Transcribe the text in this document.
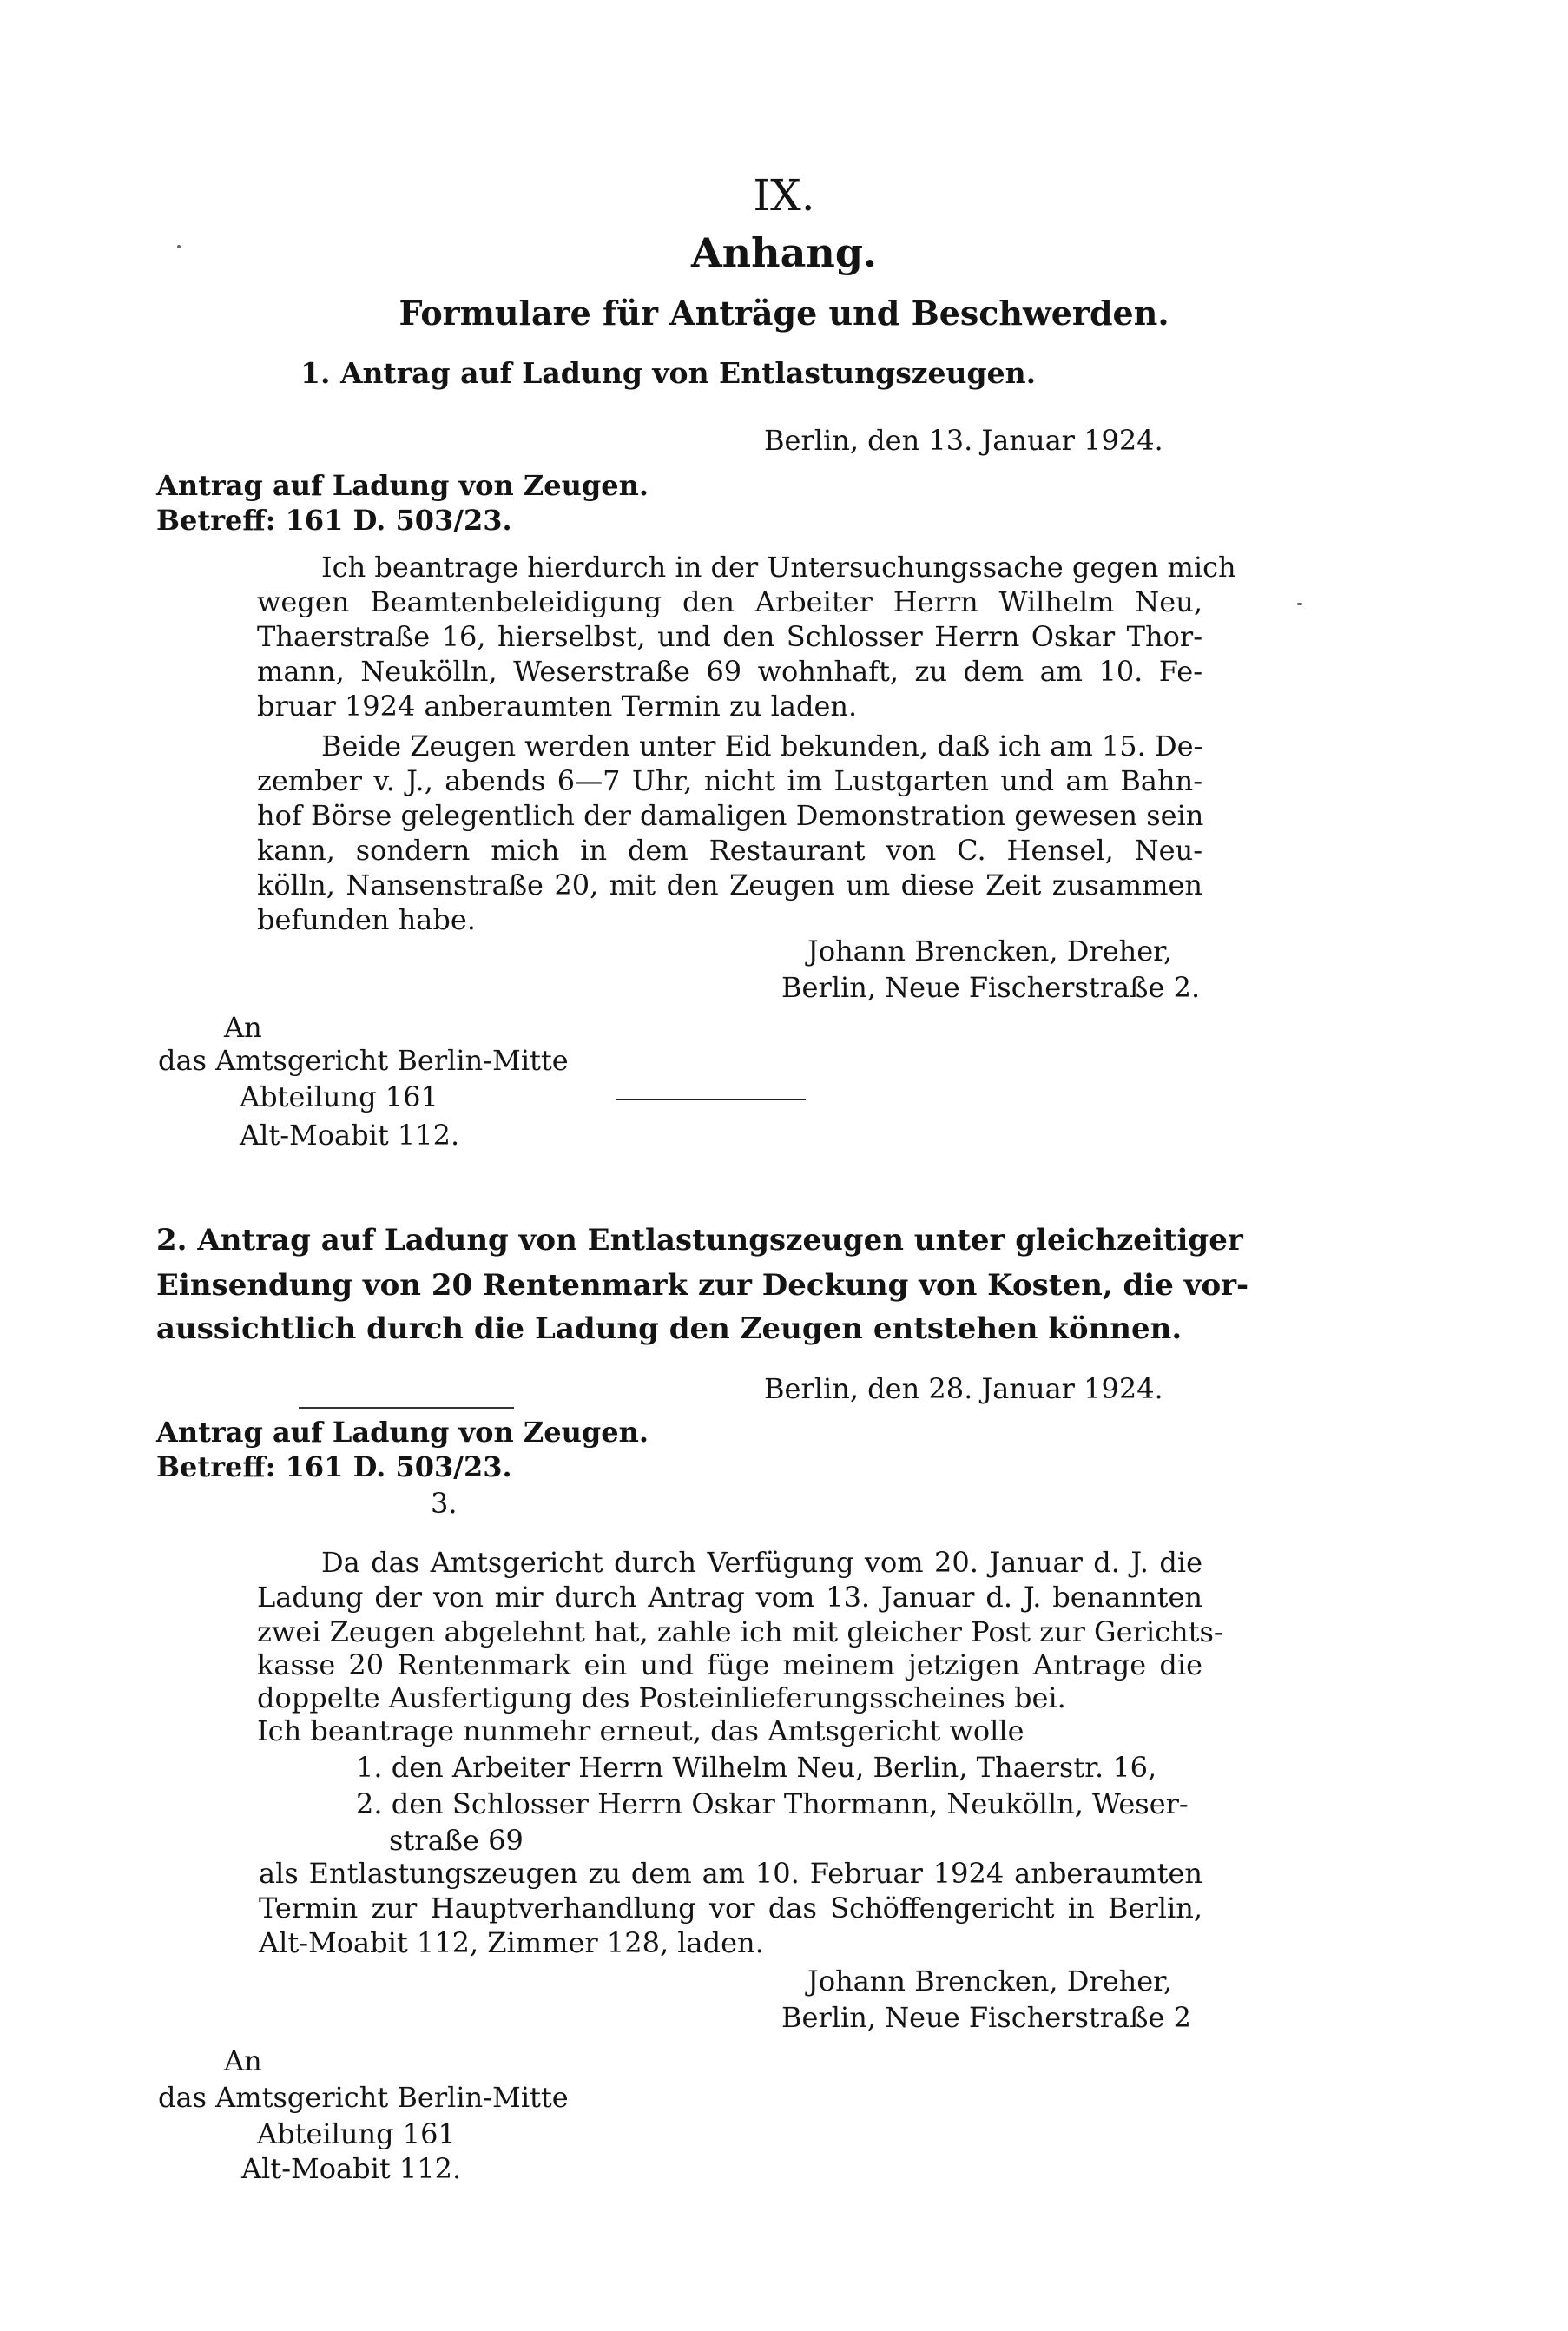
IX.
Anhang.
Formulare für Anträge und Beschwerden.
1. Antrag auf Ladung von Entlastungszeugen.
Berlin, den 13. Januar 1924.
Antrag auf Ladung von Zeugen.
Betreff: 161 D. 503/23.
Ich beantrage hierdurch in der Untersuchungssache gegen mich
wegen Beamtenbeleidigung den Arbeiter Herrn Wilhelm Neu,
Thaerstraße 16, hierselbst, und den Schlosser Herrn Oskar Thor-
mann, Neukölln, Weserstraße 69 wohnhaft, zu dem am 10. Fe-
bruar 1924 anberaumten Termin zu laden.
Beide Zeugen werden unter Eid bekunden, daß ich am 15. De-
zember v. J., abends 6—7 Uhr, nicht im Lustgarten und am Bahn-
hof Börse gelegentlich der damaligen Demonstration gewesen sein
kann, sondern mich in dem Restaurant von C. Hensel, Neu-
kölln, Nansenstraße 20, mit den Zeugen um diese Zeit zusammen
befunden habe.
Johann Brencken, Dreher,
Berlin, Neue Fischerstraße 2.
An
das Amtsgericht Berlin-Mitte
Abteilung 161
Alt-Moabit 112.
2. Antrag auf Ladung von Entlastungszeugen unter gleichzeitiger
Einsendung von 20 Rentenmark zur Deckung von Kosten, die vor-
aussichtlich durch die Ladung den Zeugen entstehen können.
Berlin, den 28. Januar 1924.
Antrag auf Ladung von Zeugen.
Betreff: 161 D. 503/23.
3.
Da das Amtsgericht durch Verfügung vom 20. Januar d. J. die
Ladung der von mir durch Antrag vom 13. Januar d. J. benannten
zwei Zeugen abgelehnt hat, zahle ich mit gleicher Post zur Gerichts-
kasse 20 Rentenmark ein und füge meinem jetzigen Antrage die
doppelte Ausfertigung des Posteinlieferungsscheines bei.
Ich beantrage nunmehr erneut, das Amtsgericht wolle
1. den Arbeiter Herrn Wilhelm Neu, Berlin, Thaerstr. 16,
2. den Schlosser Herrn Oskar Thormann, Neukölln, Weser-
straße 69
als Entlastungszeugen zu dem am 10. Februar 1924 anberaumten
Termin zur Hauptverhandlung vor das Schöffengericht in Berlin,
Alt-Moabit 112, Zimmer 128, laden.
Johann Brencken, Dreher,
Berlin, Neue Fischerstraße 2
An
das Amtsgericht Berlin-Mitte
Abteilung 161
Alt-Moabit 112.
